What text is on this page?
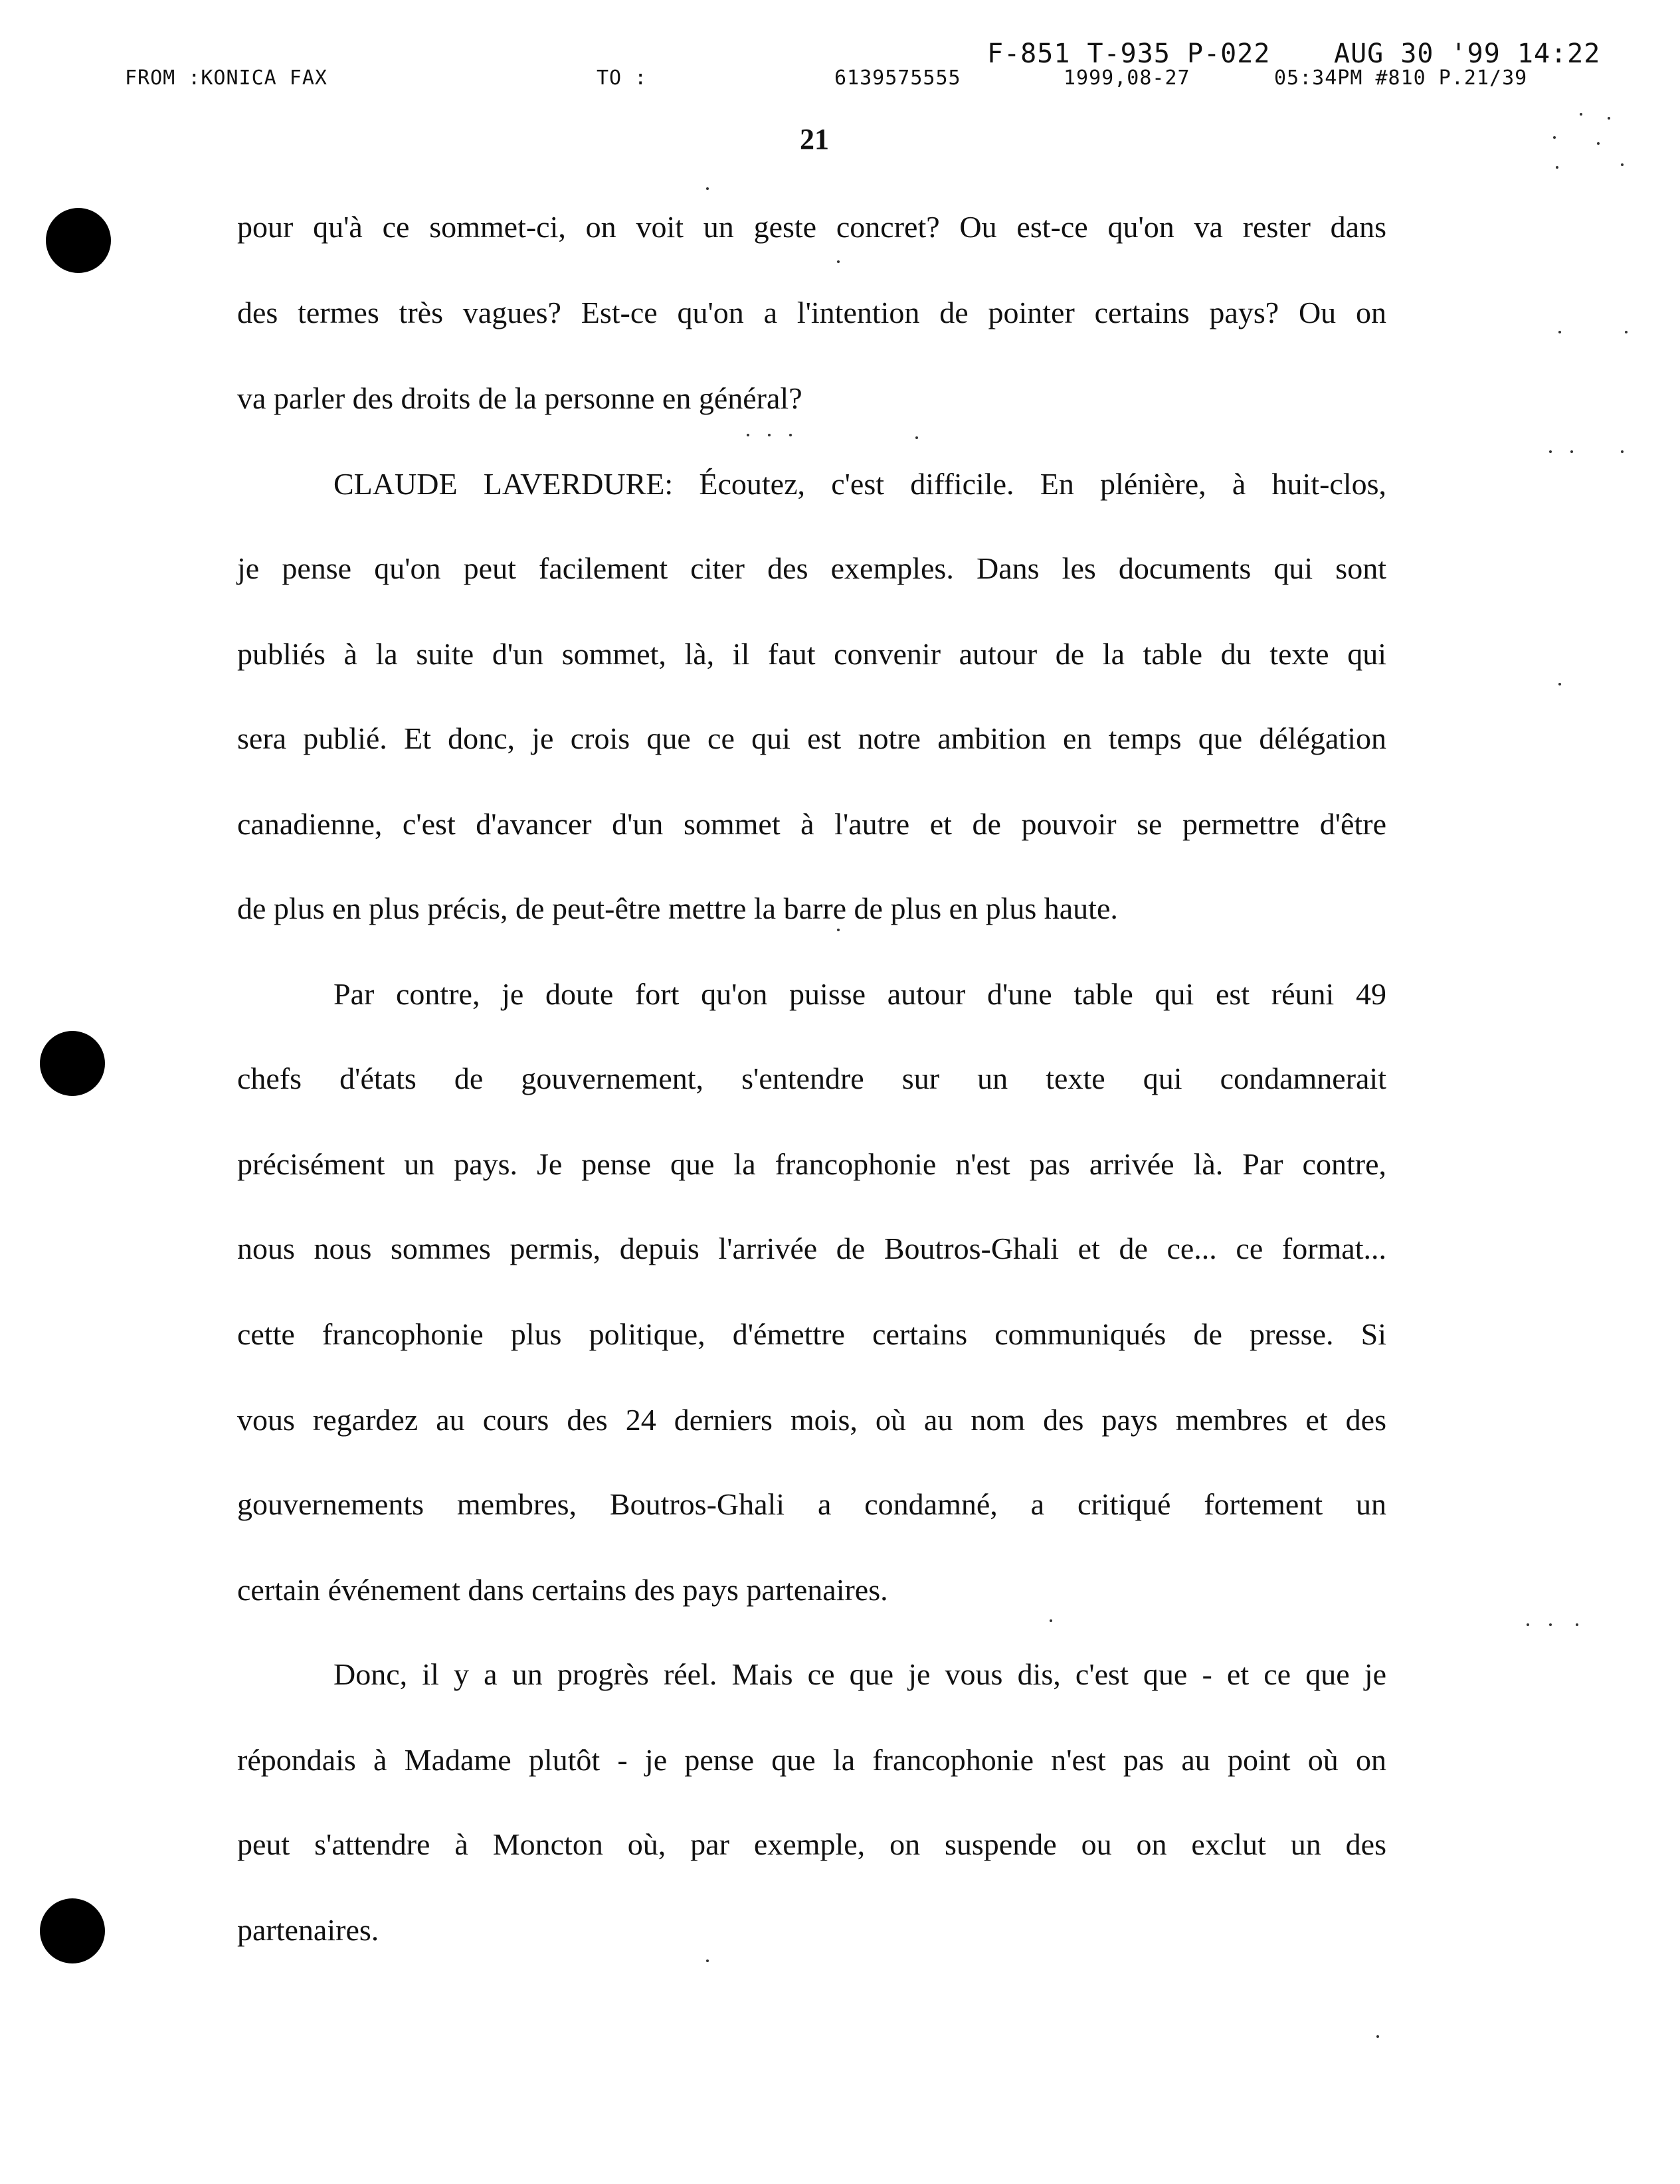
F-851 T-935 P-022

AUG 30 '99 14:22

FROM :KONICA FAX

	TO :

	6139575555

	1999,08-27

	05:34PM #810 P.21/39

21
pour qu'à ce sommet-ci, on voit un geste concret? Ou est-ce qu'on va rester dans
des termes très vagues? Est-ce qu'on a l'intention de pointer certains pays? Ou on
va parler des droits de la personne en général?
CLAUDE LAVERDURE: Écoutez, c'est difficile. En plénière, à huit-clos,
je pense qu'on peut facilement citer des exemples. Dans les documents qui sont
publiés à la suite d'un sommet, là, il faut convenir autour de la table du texte qui
sera publié. Et donc, je crois que ce qui est notre ambition en temps que délégation
canadienne, c'est d'avancer d'un sommet à l'autre et de pouvoir se permettre d'être
de plus en plus précis, de peut-être mettre la barre de plus en plus haute.
Par contre, je doute fort qu'on puisse autour d'une table qui est réuni 49
chefs d'états de gouvernement, s'entendre sur un texte qui condamnerait
précisément un pays. Je pense que la francophonie n'est pas arrivée là. Par contre,
nous nous sommes permis, depuis l'arrivée de Boutros-Ghali et de ce... ce format...
cette francophonie plus politique, d'émettre certains communiqués de presse. Si
vous regardez au cours des 24 derniers mois, où au nom des pays membres et des
gouvernements membres, Boutros-Ghali a condamné, a critiqué fortement un
certain événement dans certains des pays partenaires.
Donc, il y a un progrès réel. Mais ce que je vous dis, c'est que - et ce que je
répondais à Madame plutôt - je pense que la francophonie n'est pas au point où on
peut s'attendre à Moncton où, par exemple, on suspende ou on exclut un des
partenaires.
